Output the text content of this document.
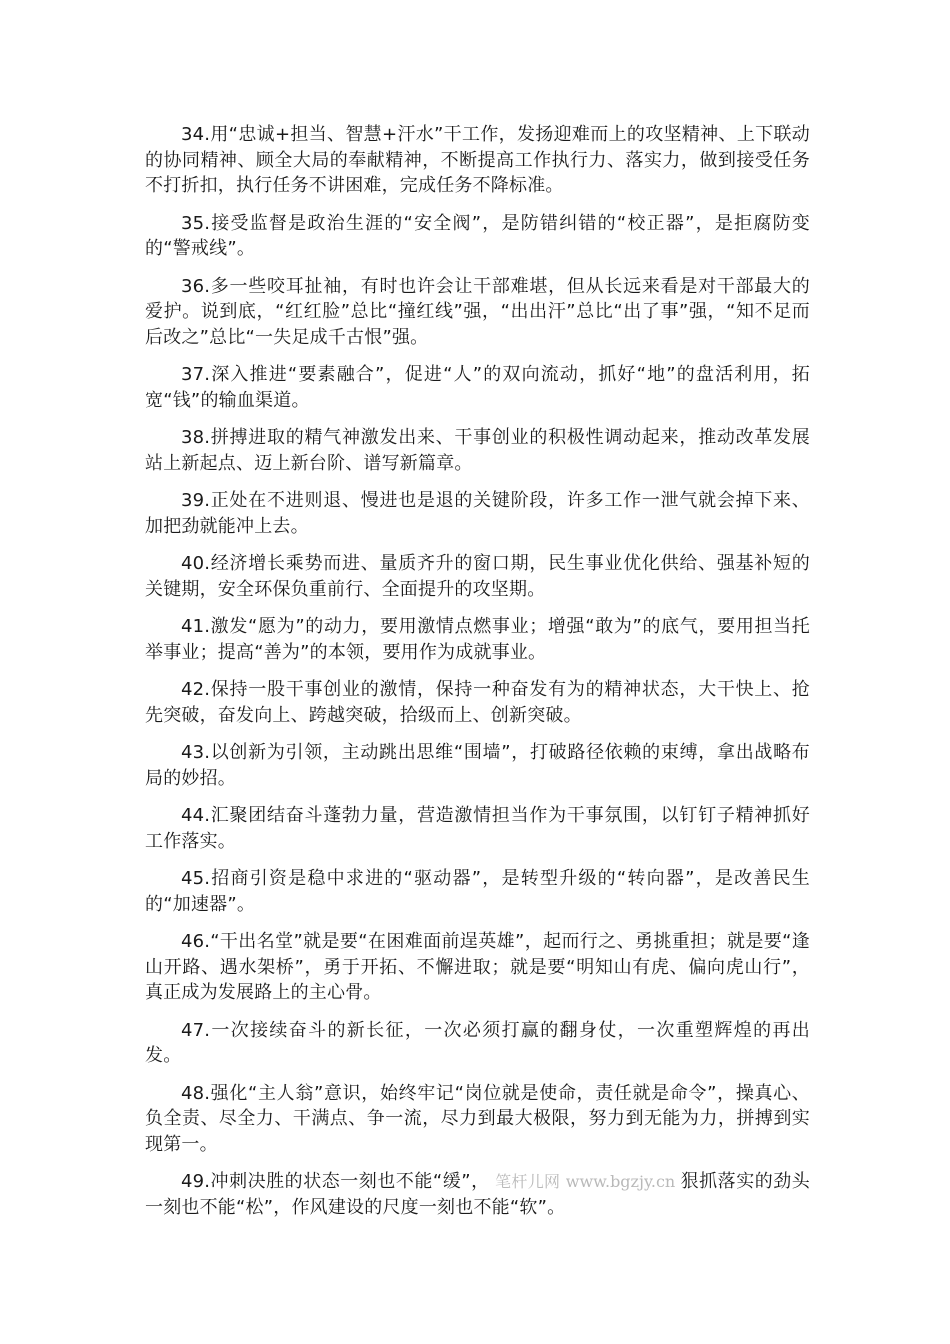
34.用“忠诚+担当、智慧+汗水”干工作，发扬迎难而上的攻坚精神、上下联动的协同精神、顾全大局的奉献精神，不断提高工作执行力、落实力，做到接受任务不打折扣，执行任务不讲困难，完成任务不降标准。

35.接受监督是政治生涯的“安全阀”，是防错纠错的“校正器”，是拒腐防变的“警戒线”。

36.多一些咬耳扯袖，有时也许会让干部难堪，但从长远来看是对干部最大的爱护。说到底，“红红脸”总比“撞红线”强，“出出汗”总比“出了事”强，“知不足而后改之”总比“一失足成千古恨”强。

37.深入推进“要素融合”，促进“人”的双向流动，抓好“地”的盘活利用，拓宽“钱”的输血渠道。

38.拼搏进取的精气神激发出来、干事创业的积极性调动起来，推动改革发展站上新起点、迈上新台阶、谱写新篇章。

39.正处在不进则退、慢进也是退的关键阶段，许多工作一泄气就会掉下来、加把劲就能冲上去。

40.经济增长乘势而进、量质齐升的窗口期，民生事业优化供给、强基补短的关键期，安全环保负重前行、全面提升的攻坚期。

41.激发“愿为”的动力，要用激情点燃事业；增强“敢为”的底气，要用担当托举事业；提高“善为”的本领，要用作为成就事业。

42.保持一股干事创业的激情，保持一种奋发有为的精神状态，大干快上、抢先突破，奋发向上、跨越突破，拾级而上、创新突破。

43.以创新为引领，主动跳出思维“围墙”，打破路径依赖的束缚，拿出战略布局的妙招。

44.汇聚团结奋斗蓬勃力量，营造激情担当作为干事氛围，以钉钉子精神抓好工作落实。

45.招商引资是稳中求进的“驱动器”，是转型升级的“转向器”，是改善民生的“加速器”。

46.“干出名堂”就是要“在困难面前逞英雄”，起而行之、勇挑重担；就是要“逢山开路、遇水架桥”，勇于开拓、不懈进取；就是要“明知山有虎、偏向虎山行”，真正成为发展路上的主心骨。

47.一次接续奋斗的新长征，一次必须打赢的翻身仗，一次重塑辉煌的再出发。

48.强化“主人翁”意识，始终牢记“岗位就是使命，责任就是命令”，操真心、负全责、尽全力、干满点、争一流，尽力到最大极限，努力到无能为力，拼搏到实现第一。

49.冲刺决胜的状态一刻也不能“缓”， 笔杆儿网 www.bgzjy.cn 狠抓落实的劲头一刻也不能“松”，作风建设的尺度一刻也不能“软”。
